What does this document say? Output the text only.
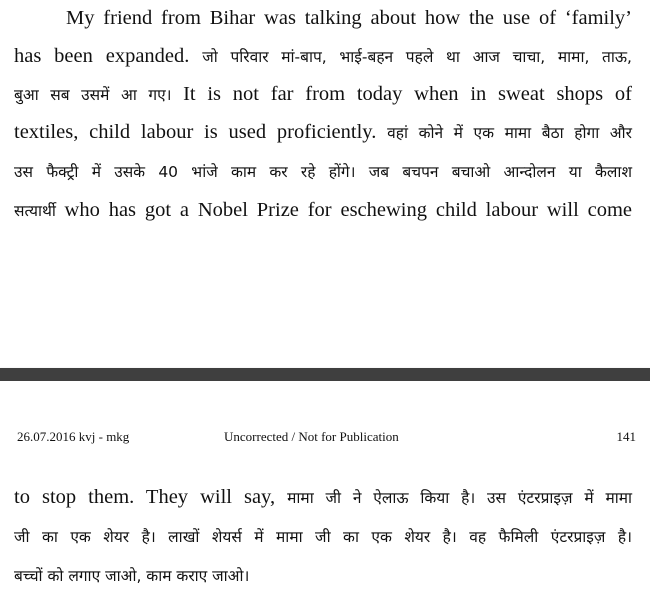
My friend from Bihar was talking about how the use of ‘family’
has been expanded. जो परिवार मां-बाप, भाई-बहन पहले था आज चाचा, मामा, ताऊ,
बुआ सब उसमें आ गए। It is not far from today when in sweat shops of
textiles, child labour is used proficiently. वहां कोने में एक मामा बैठा होगा और
उस फैक्ट्री में उसके 40 भांजे काम कर रहे होंगे। जब बचपन बचाओ आन्दोलन या कैलाश
सत्यार्थी who has got a Nobel Prize for eschewing child labour will come
26.07.2016 kvj - mkg	Uncorrected / Not for Publication	141
to stop them. They will say, मामा जी ने ऐलाऊ किया है। उस एंटरप्राइज़ में मामा
जी का एक शेयर है। लाखों शेयर्स में मामा जी का एक शेयर है। वह फैमिली एंटरप्राइज़ है।
बच्चों को लगाए जाओ, काम कराए जाओ।
